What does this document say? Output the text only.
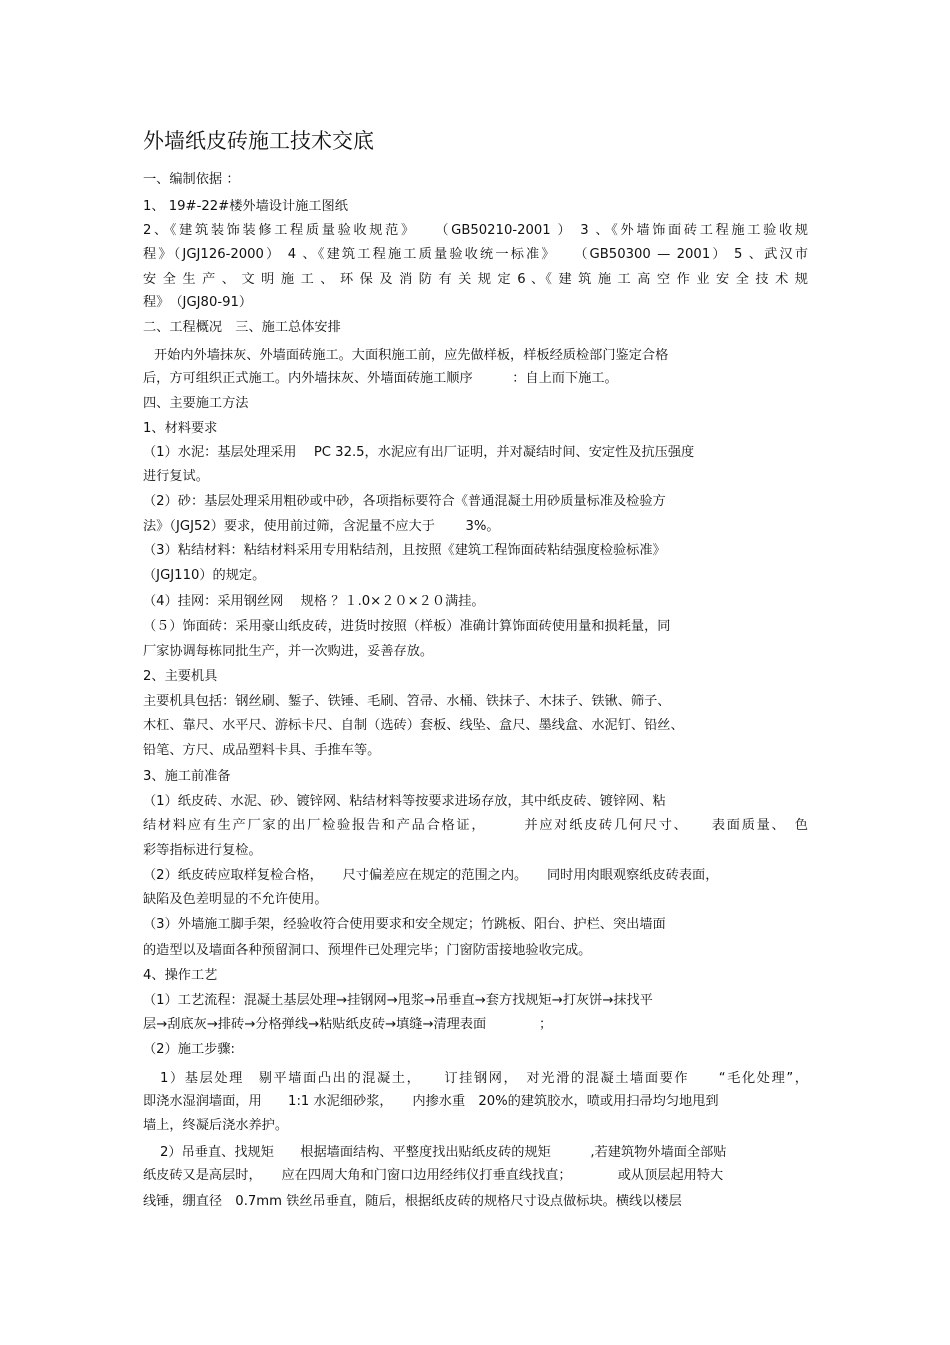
外墙纸皮砖施工技术交底
一、编制依据 ：
1、 19#-22#楼外墙设计施工图纸
2、《建筑装饰装修工程质量验收规范》　　（GB50210-2001 ） 3 、《外墙饰面砖工程施工验收规
程》（JGJ126-2000） 4 、《建筑工程施工质量验收统一标准》　　（GB50300 — 2001） 5 、武汉市
安 全 生 产 、 文 明 施 工 、 环 保 及 消 防 有 关 规 定 6 、《 建 筑 施 工 高 空 作 业 安 全 技 术 规
程》　（JGJ80-91）
二、工程概况　三、施工总体安排
开始内外墙抹灰、外墙面砖施工。大面积施工前，应先做样板，样板经质检部门鉴定合格
后，方可组织正式施工。内外墙抹灰、外墙面砖施工顺序　　　：自上而下施工。
四、主要施工方法
1、材料要求
（1）水泥：基层处理采用　 PC 32.5，水泥应有出厂证明，并对凝结时间、安定性及抗压强度
进行复试。
（2）砂：基层处理采用粗砂或中砂，各项指标要符合《普通混凝土用砂质量标准及检验方
法》（JGJ52）要求，使用前过筛，含泥量不应大于　　 3%。
（3）粘结材料：粘结材料采用专用粘结剂，且按照《建筑工程饰面砖粘结强度检验标准》
（JGJ110）的规定。
（4）挂网：采用钢丝网　 规格 ？１.0×２０×２０满挂。
（５）饰面砖：采用豪山纸皮砖，进货时按照（样板）准确计算饰面砖使用量和损耗量，同
厂家协调每栋同批生产，并一次购进，妥善存放。
2、主要机具
主要机具包括：钢丝刷、錾子、铁锤、毛刷、笤帚、水桶、铁抹子、木抹子、铁锹、筛子、
木杠、靠尺、水平尺、游标卡尺、自制（选砖）套板、线坠、盒尺、墨线盒、水泥钉、铅丝、
铅笔、方尺、成品塑料卡具、手推车等。
3、施工前准备
（1）纸皮砖、水泥、砂、镀锌网、粘结材料等按要求进场存放，其中纸皮砖、镀锌网、粘
结材料应有生产厂家的出厂检验报告和产品合格证，　　　并应对纸皮砖几何尺寸、　　表面质量、　色
彩等指标进行复检。
（2）纸皮砖应取样复检合格，　　尺寸偏差应在规定的范围之内。　　同时用肉眼观察纸皮砖表面，
缺陷及色差明显的不允许使用。
（3）外墙施工脚手架，经验收符合使用要求和安全规定；竹跳板、阳台、护栏、突出墙面
的造型以及墙面各种预留洞口、预埋件已处理完毕；门窗防雷接地验收完成。
4、操作工艺
（1）工艺流程：混凝土基层处理→挂钢网→甩浆→吊垂直→套方找规矩→打灰饼→抹找平
层→刮底灰→排砖→分格弹线→粘贴纸皮砖→填缝→清理表面　　　　；
（2）施工步骤:
1）基层处理　剔平墙面凸出的混凝土，　　订挂钢网，　对光滑的混凝土墙面要作　　“毛化处理”，
即浇水湿润墙面，用　　1:1 水泥细砂浆，　　内掺水重　20%的建筑胶水，喷或用扫帚均匀地甩到
墙上，终凝后浇水养护。
2）吊垂直、找规矩　　根据墙面结构、平整度找出贴纸皮砖的规矩　　　,若建筑物外墙面全部贴
纸皮砖又是高层时，　　应在四周大角和门窗口边用经纬仪打垂直线找直；　　　　或从顶层起用特大
线锤，绷直径　0.7mm 铁丝吊垂直，随后，根据纸皮砖的规格尺寸设点做标块。横线以楼层
